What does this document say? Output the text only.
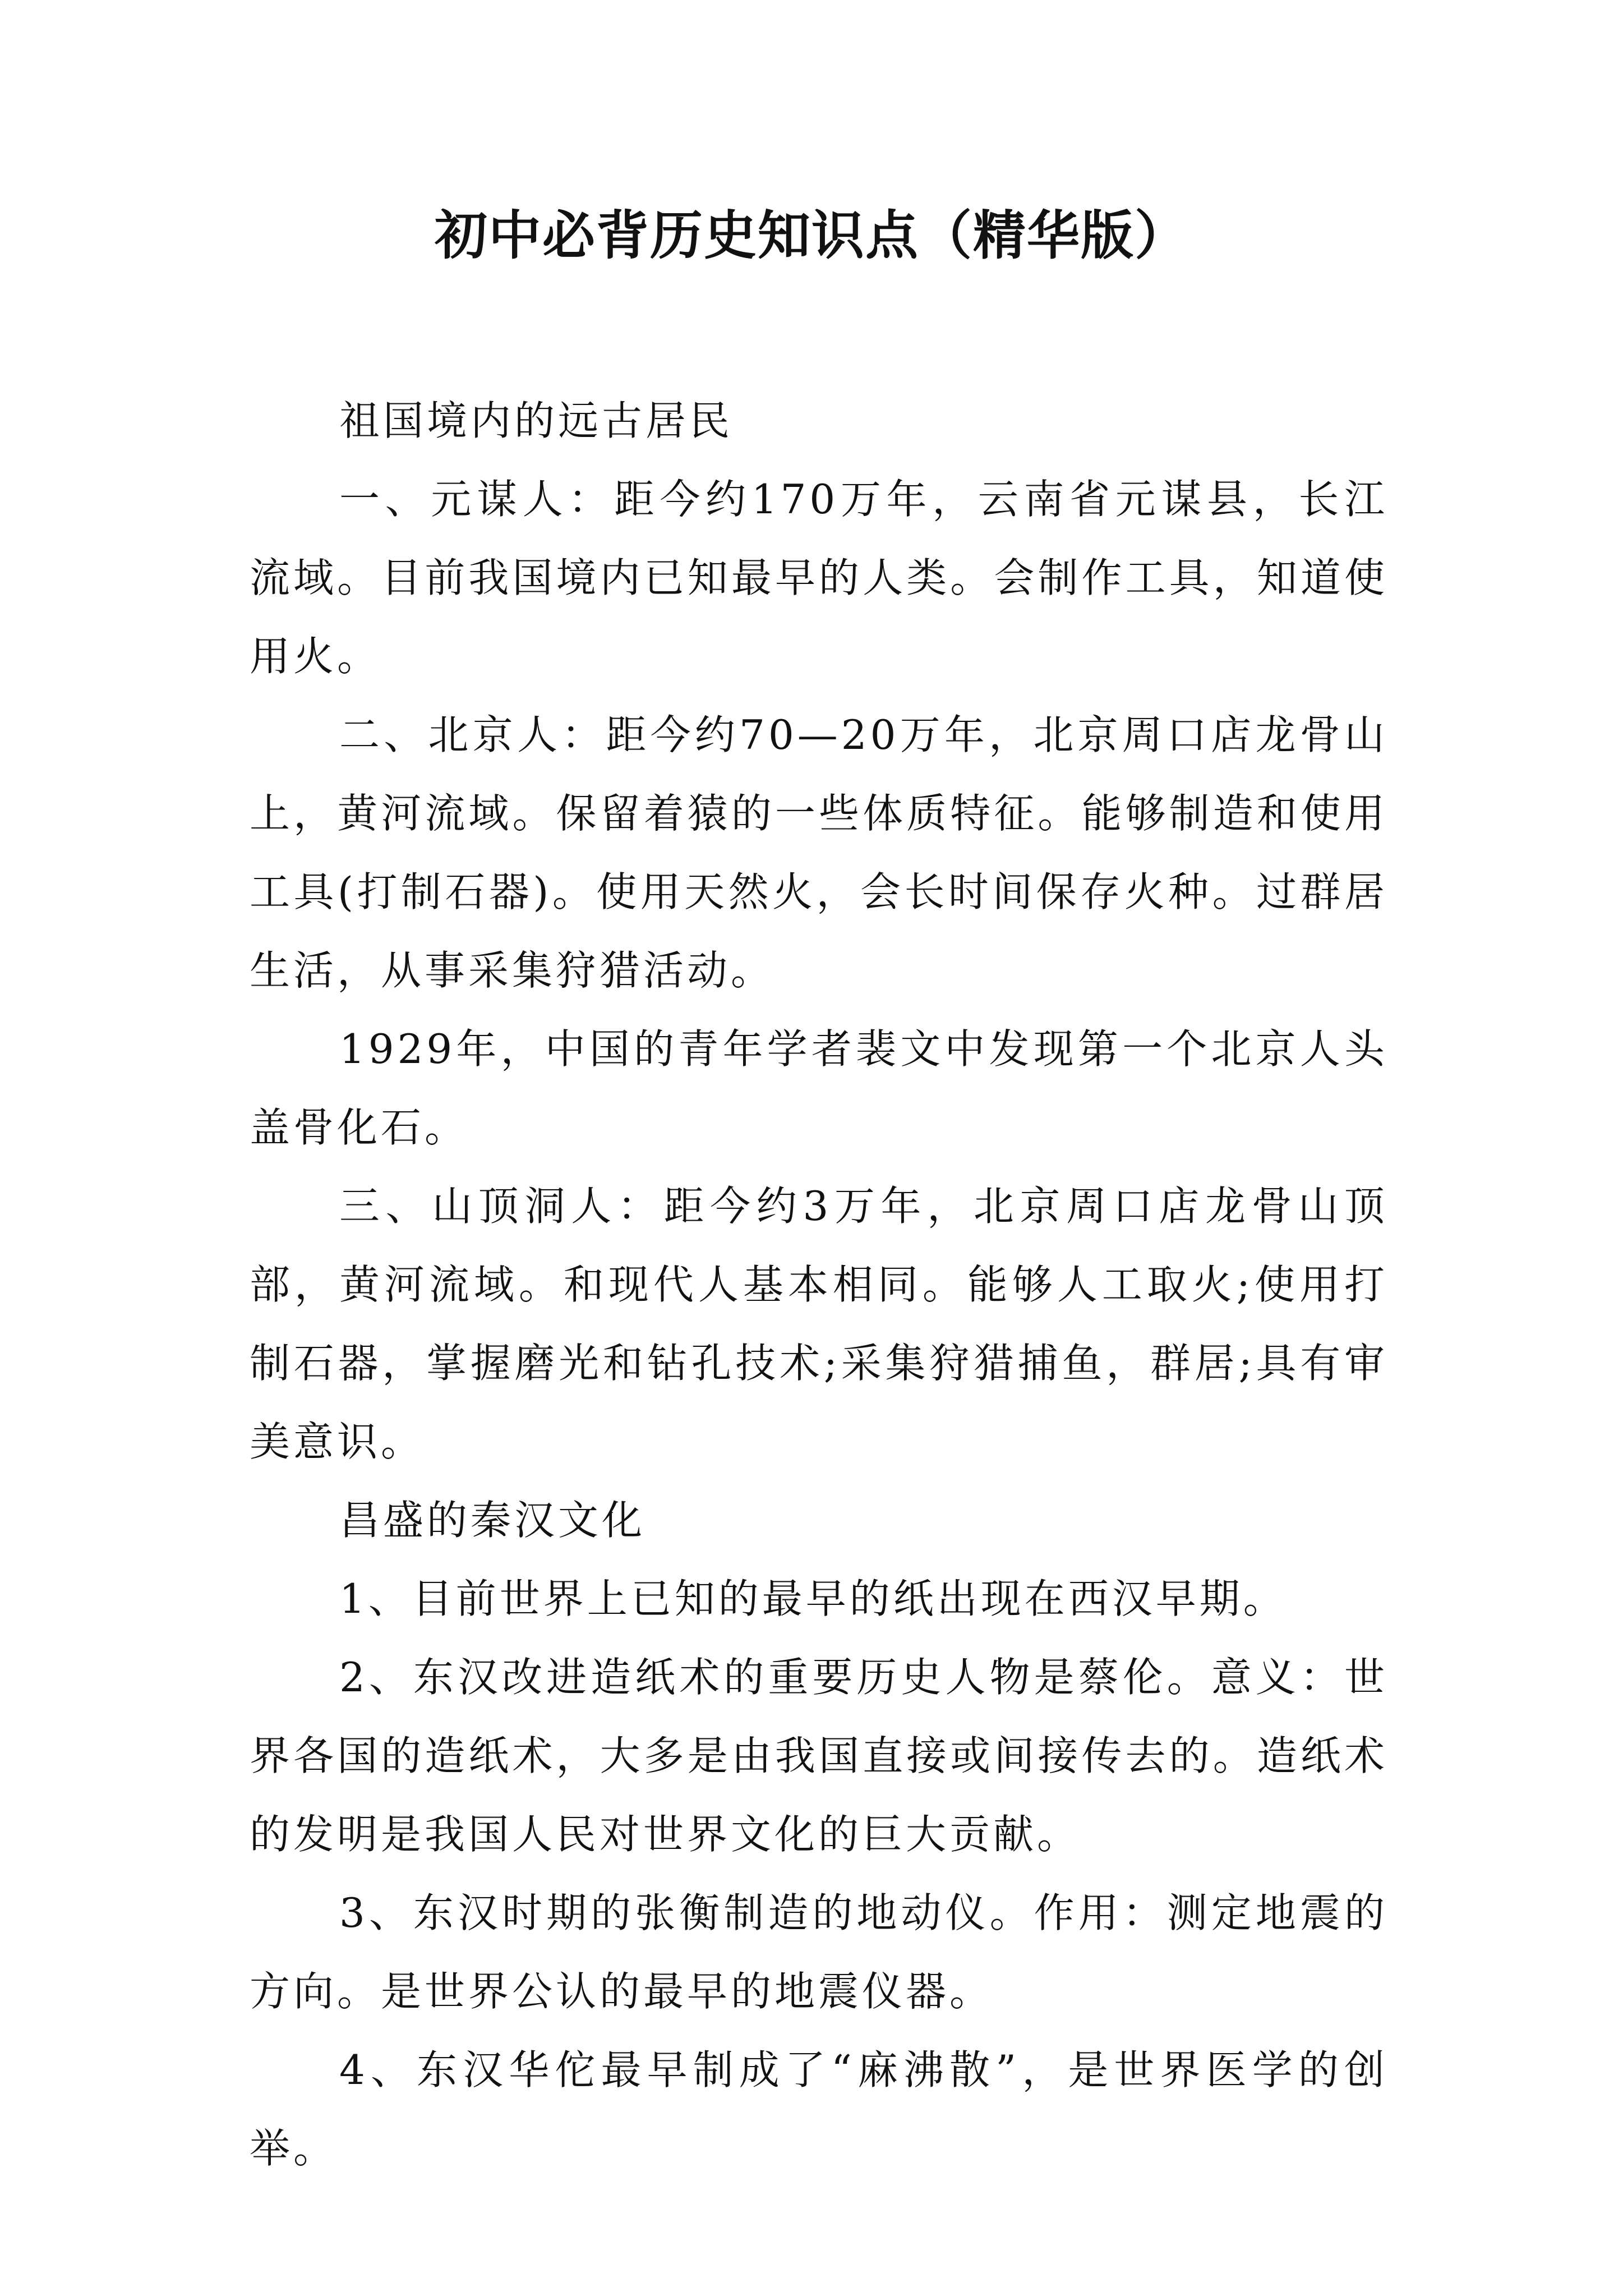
初中必背历史知识点（精华版）

祖国境内的远古居民

一、元谋人：距今约170万年，云南省元谋县，长江流域。目前我国境内已知最早的人类。会制作工具，知道使用火。

二、北京人：距今约70—20万年，北京周口店龙骨山上，黄河流域。保留着猿的一些体质特征。能够制造和使用工具(打制石器)。使用天然火，会长时间保存火种。过群居生活，从事采集狩猎活动。

1929年，中国的青年学者裴文中发现第一个北京人头盖骨化石。

三、山顶洞人：距今约3万年，北京周口店龙骨山顶部，黄河流域。和现代人基本相同。能够人工取火;使用打制石器，掌握磨光和钻孔技术;采集狩猎捕鱼，群居;具有审美意识。

昌盛的秦汉文化

1、目前世界上已知的最早的纸出现在西汉早期。

2、东汉改进造纸术的重要历史人物是蔡伦。意义：世界各国的造纸术，大多是由我国直接或间接传去的。造纸术的发明是我国人民对世界文化的巨大贡献。

3、东汉时期的张衡制造的地动仪。作用：测定地震的方向。是世界公认的最早的地震仪器。

4、东汉华佗最早制成了“麻沸散”，是世界医学的创举。
